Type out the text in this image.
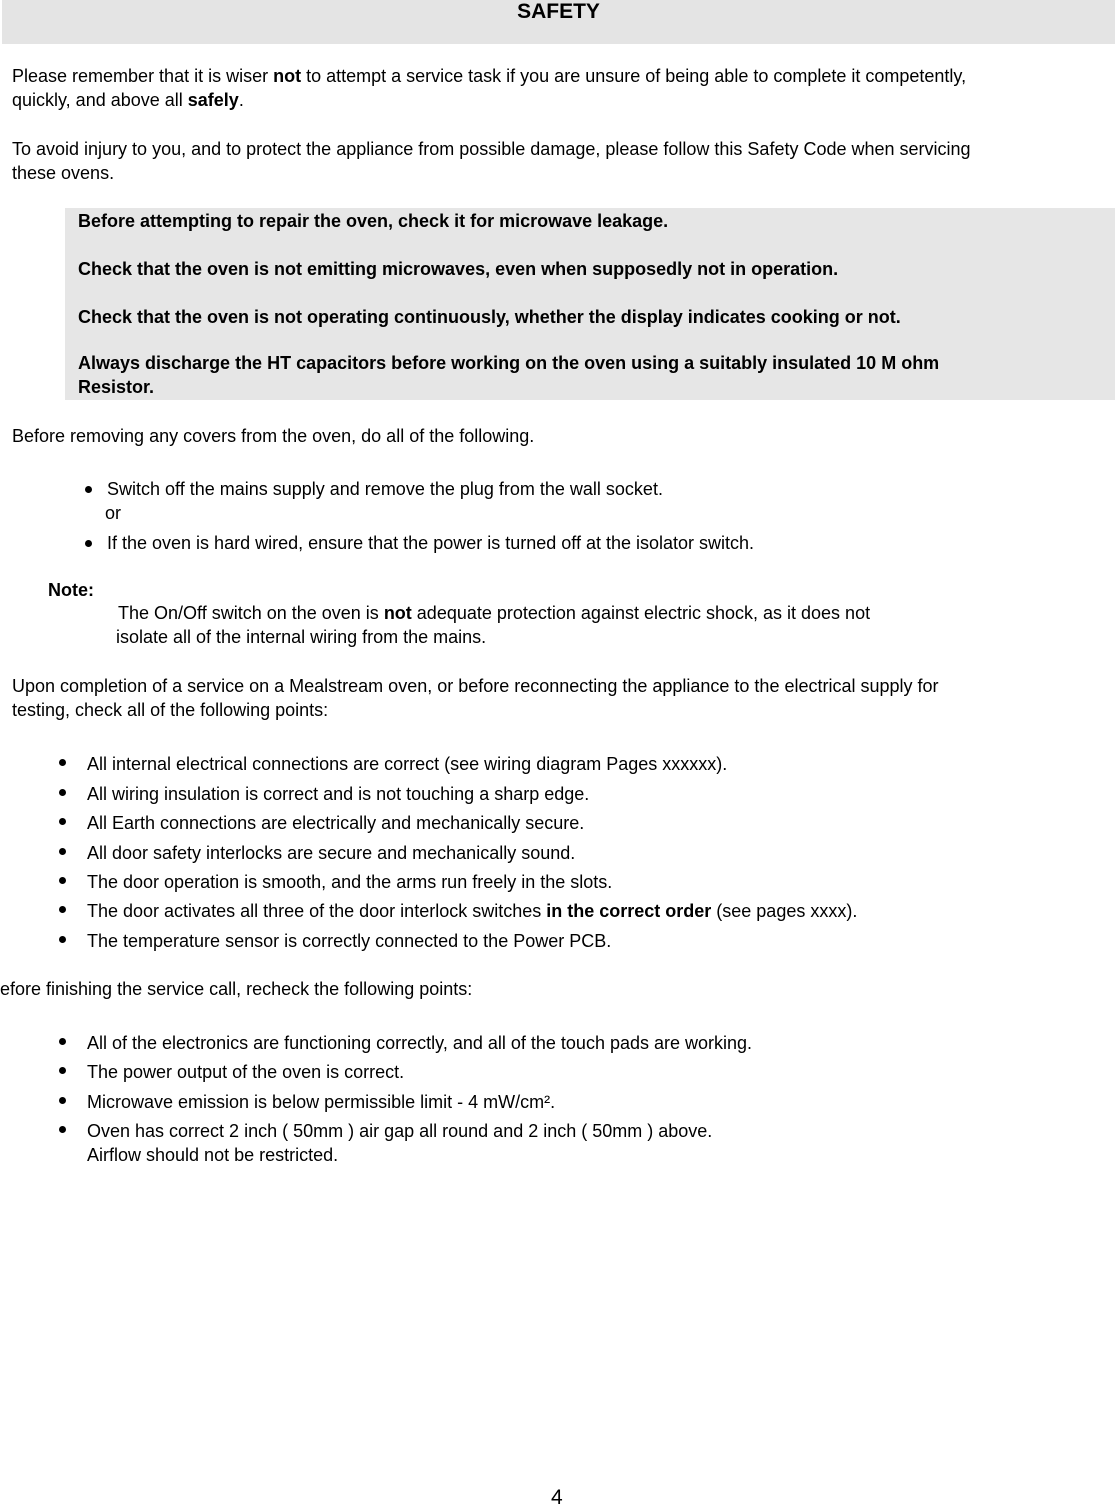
SAFETY
Please remember that it is wiser not to attempt a service task if you are unsure of being able to complete it competently,
quickly, and above all safely.
To avoid injury to you, and to protect the appliance from possible damage, please follow this Safety Code when servicing
these ovens.
Before attempting to repair the oven, check it for microwave leakage.
Check that the oven is not emitting microwaves, even when supposedly not in operation.
Check that the oven is not operating continuously, whether the display indicates cooking or not.
Always discharge the HT capacitors before working on the oven using a suitably insulated 10 M ohm
Resistor.
Before removing any covers from the oven, do all of the following.
Switch off the mains supply and remove the plug from the wall socket.
or
If the oven is hard wired, ensure that the power is turned off at the isolator switch.
Note:
The On/Off switch on the oven is not adequate protection against electric shock, as it does not
isolate all of the internal wiring from the mains.
Upon completion of a service on a Mealstream oven, or before reconnecting the appliance to the electrical supply for
testing, check all of the following points:
All internal electrical connections are correct (see wiring diagram Pages xxxxxx).
All wiring insulation is correct and is not touching a sharp edge.
All Earth connections are electrically and mechanically secure.
All door safety interlocks are secure and mechanically sound.
The door operation is smooth, and the arms run freely in the slots.
The door activates all three of the door interlock switches in the correct order (see pages xxxx).
The temperature sensor is correctly connected to the Power PCB.
efore finishing the service call, recheck the following points:
All of the electronics are functioning correctly, and all of the touch pads are working.
The power output of the oven is correct.
Microwave emission is below permissible limit - 4 mW/cm².
Oven has correct 2 inch ( 50mm ) air gap all round and 2 inch ( 50mm ) above.
Airflow should not be restricted.
4
